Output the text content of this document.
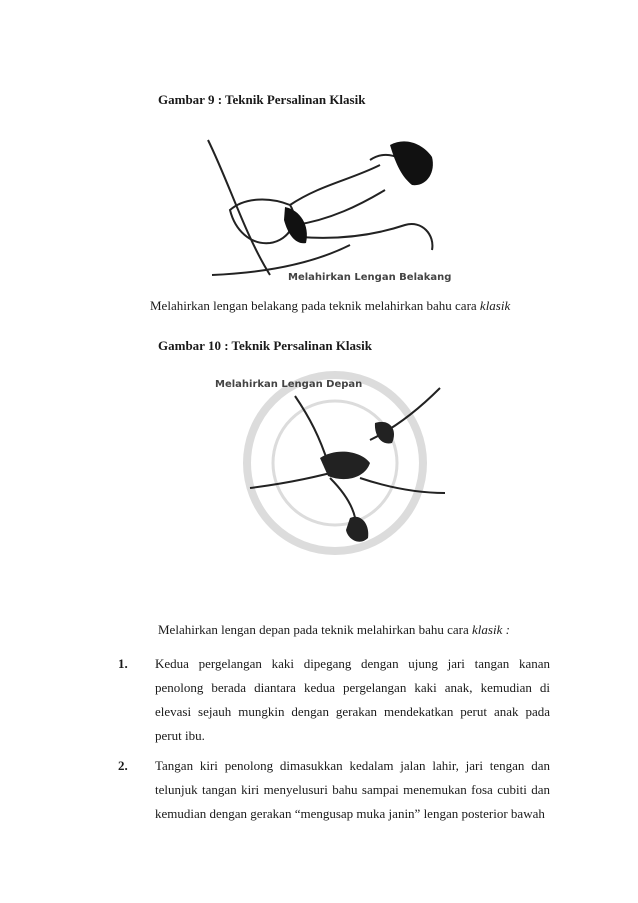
Gambar 9 : Teknik Persalinan Klasik
Melahirkan Lengan Belakang
Melahirkan lengan belakang pada teknik melahirkan bahu cara klasik
Gambar 10 : Teknik Persalinan Klasik
Melahirkan Lengan Depan
Melahirkan lengan depan pada teknik melahirkan bahu cara klasik :
1. Kedua pergelangan kaki dipegang dengan ujung jari tangan kanan penolong berada diantara kedua pergelangan kaki anak, kemudian di elevasi sejauh mungkin dengan gerakan mendekatkan perut anak pada perut ibu.
2. Tangan kiri penolong dimasukkan kedalam jalan lahir, jari tengan dan telunjuk tangan kiri menyelusuri bahu sampai menemukan fosa cubiti dan kemudian dengan gerakan “mengusap muka janin” lengan posterior bawah
